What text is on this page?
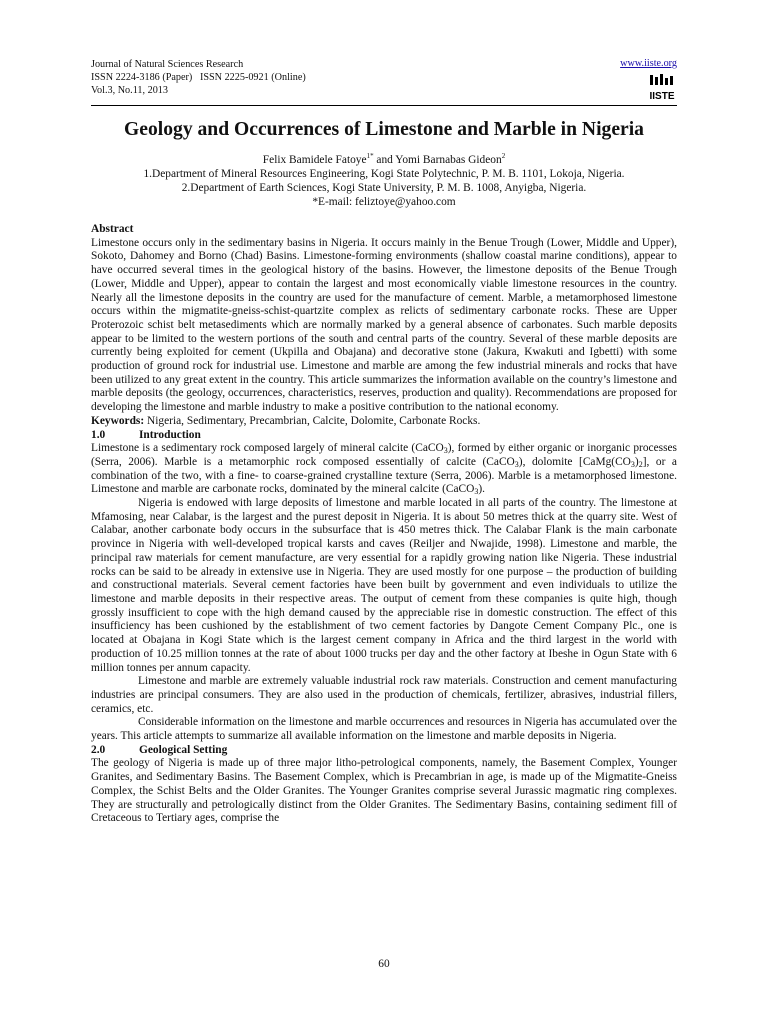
Journal of Natural Sciences Research
ISSN 2224-3186 (Paper)   ISSN 2225-0921 (Online)
Vol.3, No.11, 2013
www.iiste.org
IISTE
Geology and Occurrences of Limestone and Marble in Nigeria
Felix Bamidele Fatoye$^{1*}$ and Yomi Barnabas Gideon$^2$
1.Department of Mineral Resources Engineering, Kogi State Polytechnic, P. M. B. 1101, Lokoja, Nigeria.
2.Department of Earth Sciences, Kogi State University, P. M. B. 1008, Anyigba, Nigeria.
*E-mail: feliztoye@yahoo.com

Abstract

Limestone occurs only in the sedimentary basins in Nigeria. It occurs mainly in the Benue Trough (Lower, Middle and Upper), Sokoto, Dahomey and Borno (Chad) Basins. Limestone-forming environments (shallow coastal marine conditions), appear to have occurred several times in the geological history of the basins. However, the limestone deposits of the Benue Trough (Lower, Middle and Upper), appear to contain the largest and most economically viable limestone resources in the country. Nearly all the limestone deposits in the country are used for the manufacture of cement. Marble, a metamorphosed limestone occurs within the migmatite-gneiss-schist-quartzite complex as relicts of sedimentary carbonate rocks. These are Upper Proterozoic schist belt metasediments which are normally marked by a general absence of carbonates. Such marble deposits appear to be limited to the western portions of the south and central parts of the country. Several of these marble deposits are currently being exploited for cement (Ukpilla and Obajana) and decorative stone (Jakura, Kwakuti and Igbetti) with some production of ground rock for industrial use. Limestone and marble are among the few industrial minerals and rocks that have been utilized to any great extent in the country. This article summarizes the information available on the country’s limestone and marble deposits (the geology, occurrences, characteristics, reserves, production and quality). Recommendations are proposed for developing the limestone and marble industry to make a positive contribution to the national economy.

Keywords: Nigeria, Sedimentary, Precambrian, Calcite, Dolomite, Carbonate Rocks.

1.0	Introduction

Limestone is a sedimentary rock composed largely of mineral calcite (CaCO$_3$), formed by either organic or inorganic processes (Serra, 2006). Marble is a metamorphic rock composed essentially of calcite (CaCO$_3$), dolomite $[CaMg(CO_3)_2]$, or a combination of the two, with a fine- to coarse-grained crystalline texture (Serra, 2006). Marble is a metamorphosed limestone. Limestone and marble are carbonate rocks, dominated by the mineral calcite (CaCO$_3$).

Nigeria is endowed with large deposits of limestone and marble located in all parts of the country. The limestone at Mfamosing, near Calabar, is the largest and the purest deposit in Nigeria. It is about 50 metres thick at the quarry site. West of Calabar, another carbonate body occurs in the subsurface that is 450 metres thick. The Calabar Flank is the main carbonate province in Nigeria with well-developed tropical karsts and caves (Reiljer and Nwajide, 1998). Limestone and marble, the principal raw materials for cement manufacture, are very essential for a rapidly growing nation like Nigeria. These industrial rocks can be said to be already in extensive use in Nigeria. They are used mostly for one purpose – the production of building and constructional materials. Several cement factories have been built by government and even individuals to utilize the limestone and marble deposits in their respective areas. The output of cement from these companies is quite high, though grossly insufficient to cope with the high demand caused by the appreciable rise in domestic construction. The effect of this insufficiency has been cushioned by the establishment of two cement factories by Dangote Cement Company Plc., one is located at Obajana in Kogi State which is the largest cement company in Africa and the third largest in the world with production of 10.25 million tonnes at the rate of about 1000 trucks per day and the other factory at Ibeshe in Ogun State with 6 million tonnes per annum capacity.

Limestone and marble are extremely valuable industrial rock raw materials. Construction and cement manufacturing industries are principal consumers. They are also used in the production of chemicals, fertilizer, abrasives, industrial fillers, ceramics, etc.

Considerable information on the limestone and marble occurrences and resources in Nigeria has accumulated over the years. This article attempts to summarize all available information on the limestone and marble deposits in Nigeria.

2.0	Geological Setting

The geology of Nigeria is made up of three major litho-petrological components, namely, the Basement Complex, Younger Granites, and Sedimentary Basins. The Basement Complex, which is Precambrian in age, is made up of the Migmatite-Gneiss Complex, the Schist Belts and the Older Granites. The Younger Granites comprise several Jurassic magmatic ring complexes. They are structurally and petrologically distinct from the Older Granites. The Sedimentary Basins, containing sediment fill of Cretaceous to Tertiary ages, comprise the

60
